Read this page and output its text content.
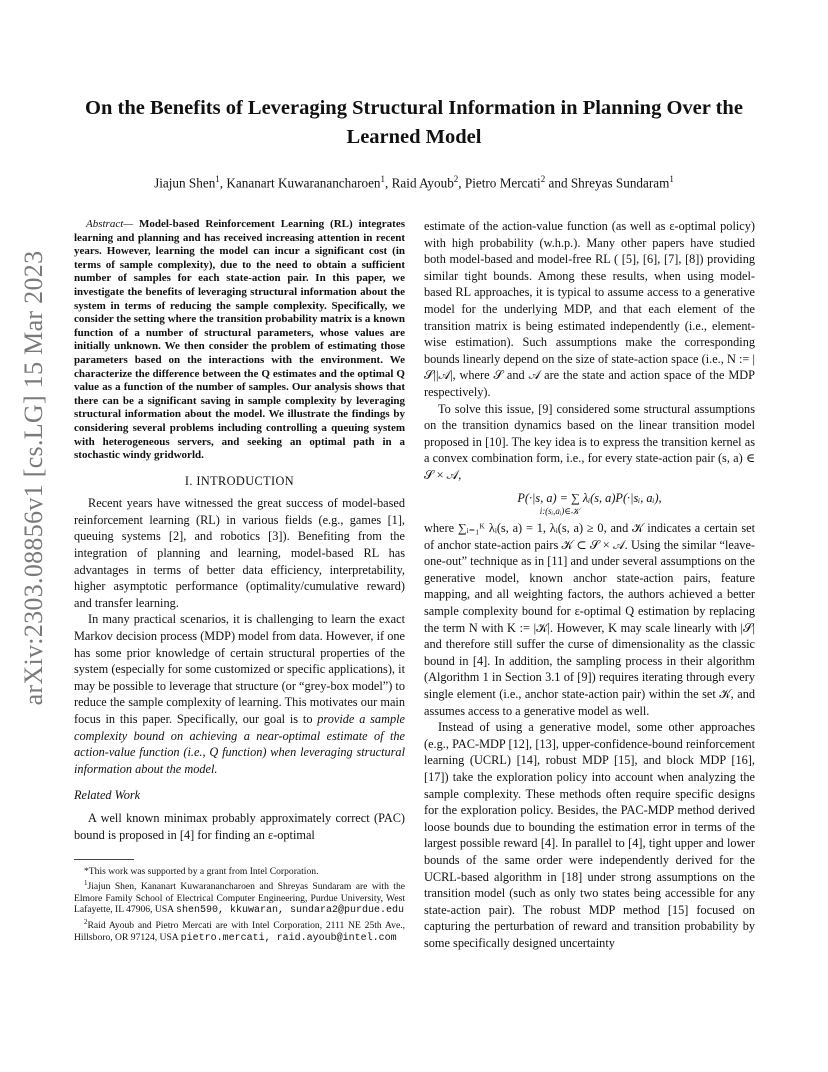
arXiv:2303.08856v1 [cs.LG] 15 Mar 2023
On the Benefits of Leveraging Structural Information in Planning Over the Learned Model
Jiajun Shen$^1$, Kananart Kuwaranancharoen$^1$, Raid Ayoub$^2$, Pietro Mercati$^2$ and Shreyas Sundaram$^1$

Abstract— Model-based Reinforcement Learning (RL) integrates learning and planning and has received increasing attention in recent years. However, learning the model can incur a significant cost (in terms of sample complexity), due to the need to obtain a sufficient number of samples for each state-action pair. In this paper, we investigate the benefits of leveraging structural information about the system in terms of reducing the sample complexity. Specifically, we consider the setting where the transition probability matrix is a known function of a number of structural parameters, whose values are initially unknown. We then consider the problem of estimating those parameters based on the interactions with the environment. We characterize the difference between the Q estimates and the optimal Q value as a function of the number of samples. Our analysis shows that there can be a significant saving in sample complexity by leveraging structural information about the model. We illustrate the findings by considering several problems including controlling a queuing system with heterogeneous servers, and seeking an optimal path in a stochastic windy gridworld.

I. INTRODUCTION

Recent years have witnessed the great success of model-based reinforcement learning (RL) in various fields (e.g., games [1], queuing systems [2], and robotics [3]). Benefiting from the integration of planning and learning, model-based RL has advantages in terms of better data efficiency, interpretability, higher asymptotic performance (optimality/cumulative reward) and transfer learning.

In many practical scenarios, it is challenging to learn the exact Markov decision process (MDP) model from data. However, if one has some prior knowledge of certain structural properties of the system (especially for some customized or specific applications), it may be possible to leverage that structure (or “grey-box model”) to reduce the sample complexity of learning. This motivates our main focus in this paper. Specifically, our goal is to provide a sample complexity bound on achieving a near-optimal estimate of the action-value function (i.e., Q function) when leveraging structural information about the model.

Related Work

A well known minimax probably approximately correct (PAC) bound is proposed in [4] for finding an ε-optimal

*This work was supported by a grant from Intel Corporation.

$^1$Jiajun Shen, Kananart Kuwaranancharoen and Shreyas Sundaram are with the Elmore Family School of Electrical Computer Engineering, Purdue University, West Lafayette, IL 47906, USA shen590, kkuwaran, sundara2@purdue.edu

$^2$Raid Ayoub and Pietro Mercati are with Intel Corporation, 2111 NE 25th Ave., Hillsboro, OR 97124, USA pietro.mercati, raid.ayoub@intel.com

estimate of the action-value function (as well as ε-optimal policy) with high probability (w.h.p.). Many other papers have studied both model-based and model-free RL ( [5], [6], [7], [8]) providing similar tight bounds. Among these results, when using model-based RL approaches, it is typical to assume access to a generative model for the underlying MDP, and that each element of the transition matrix is being estimated independently (i.e., element-wise estimation). Such assumptions make the corresponding bounds linearly depend on the size of state-action space (i.e., N := |𝒮||𝒜|, where 𝒮 and 𝒜 are the state and action space of the MDP respectively).

To solve this issue, [9] considered some structural assumptions on the transition dynamics based on the linear transition model proposed in [10]. The key idea is to express the transition kernel as a convex combination form, i.e., for every state-action pair (s, a) ∈ 𝒮 × 𝒜,

P(·|s, a) = ∑ λᵢ(s, a)P(·|sᵢ, aᵢ),
i:(sᵢ,aᵢ)∈𝒦

where ∑ᵢ₌₁ᴷ λᵢ(s, a) = 1, λᵢ(s, a) ≥ 0, and 𝒦 indicates a certain set of anchor state-action pairs 𝒦 ⊂ 𝒮 × 𝒜. Using the similar “leave-one-out” technique as in [11] and under several assumptions on the generative model, known anchor state-action pairs, feature mapping, and all weighting factors, the authors achieved a better sample complexity bound for ε-optimal Q estimation by replacing the term N with K := |𝒦|. However, K may scale linearly with |𝒮| and therefore still suffer the curse of dimensionality as the classic bound in [4]. In addition, the sampling process in their algorithm (Algorithm 1 in Section 3.1 of [9]) requires iterating through every single element (i.e., anchor state-action pair) within the set 𝒦, and assumes access to a generative model as well.

Instead of using a generative model, some other approaches (e.g., PAC-MDP [12], [13], upper-confidence-bound reinforcement learning (UCRL) [14], robust MDP [15], and block MDP [16], [17]) take the exploration policy into account when analyzing the sample complexity. These methods often require specific designs for the exploration policy. Besides, the PAC-MDP method derived loose bounds due to bounding the estimation error in terms of the largest possible reward [4]. In parallel to [4], tight upper and lower bounds of the same order were independently derived for the UCRL-based algorithm in [18] under strong assumptions on the transition model (such as only two states being accessible for any state-action pair). The robust MDP method [15] focused on capturing the perturbation of reward and transition probability by some specifically designed uncertainty
